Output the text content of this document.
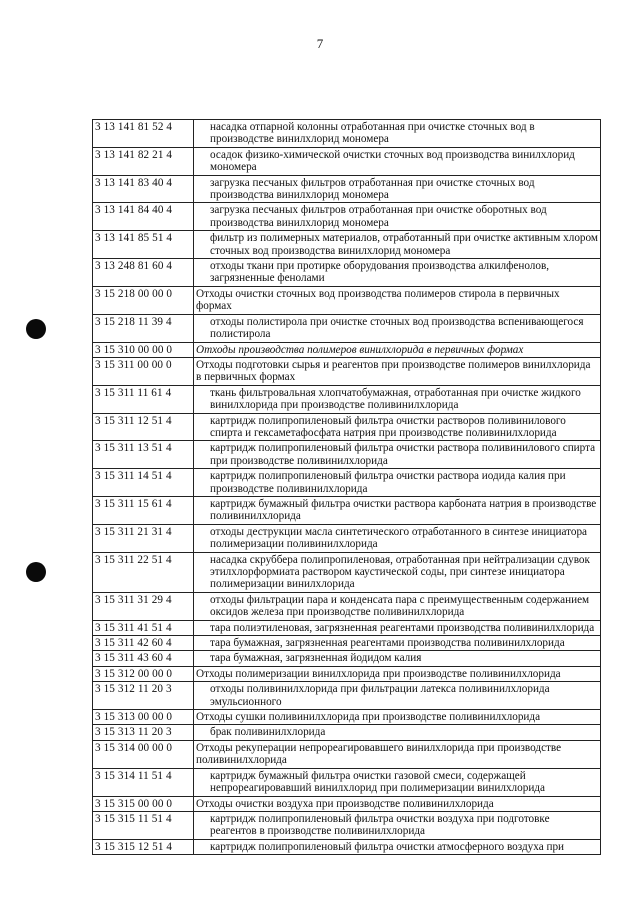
7
3 13 141 81 52 4	насадка отпарной колонны отработанная при очистке сточных вод в производстве винилхлорид мономера
3 13 141 82 21 4	осадок физико-химической очистки сточных вод производства винилхлорид мономера
3 13 141 83 40 4	загрузка песчаных фильтров отработанная при очистке сточных вод производства винилхлорид мономера
3 13 141 84 40 4	загрузка песчаных фильтров отработанная при очистке оборотных вод производства винилхлорид мономера
3 13 141 85 51 4	фильтр из полимерных материалов, отработанный при очистке активным хлором сточных вод производства винилхлорид мономера
3 13 248 81 60 4	отходы ткани при протирке оборудования производства алкилфенолов, загрязненные фенолами
3 15 218 00 00 0	Отходы очистки сточных вод производства полимеров стирола в первичных формах
3 15 218 11 39 4	отходы полистирола при очистке сточных вод производства вспенивающегося полистирола
3 15 310 00 00 0	Отходы производства полимеров винилхлорида в первичных формах
3 15 311 00 00 0	Отходы подготовки сырья и реагентов при производстве полимеров винилхлорида в первичных формах
3 15 311 11 61 4	ткань фильтровальная хлопчатобумажная, отработанная при очистке жидкого винилхлорида при производстве поливинилхлорида
3 15 311 12 51 4	картридж полипропиленовый фильтра очистки растворов поливинилового спирта и гексаметафосфата натрия при производстве поливинилхлорида
3 15 311 13 51 4	картридж полипропиленовый фильтра очистки раствора поливинилового спирта при производстве поливинилхлорида
3 15 311 14 51 4	картридж полипропиленовый фильтра очистки раствора иодида калия при производстве поливинилхлорида
3 15 311 15 61 4	картридж бумажный фильтра очистки раствора карбоната натрия в производстве поливинилхлорида
3 15 311 21 31 4	отходы деструкции масла синтетического отработанного в синтезе инициатора полимеризации поливинилхлорида
3 15 311 22 51 4	насадка скруббера полипропиленовая, отработанная при нейтрализации сдувок этилхлорформиата раствором каустической соды, при синтезе инициатора полимеризации винилхлорида
3 15 311 31 29 4	отходы фильтрации пара и конденсата пара с преимущественным содержанием оксидов железа при производстве поливинилхлорида
3 15 311 41 51 4	тара полиэтиленовая, загрязненная реагентами производства поливинилхлорида
3 15 311 42 60 4	тара бумажная, загрязненная реагентами производства поливинилхлорида
3 15 311 43 60 4	тара бумажная, загрязненная йодидом калия
3 15 312 00 00 0	Отходы полимеризации винилхлорида при производстве поливинилхлорида
3 15 312 11 20 3	отходы поливинилхлорида при фильтрации латекса поливинилхлорида эмульсионного
3 15 313 00 00 0	Отходы сушки поливинилхлорида при производстве поливинилхлорида
3 15 313 11 20 3	брак поливинилхлорида
3 15 314 00 00 0	Отходы рекуперации непрореагировавшего винилхлорида при производстве поливинилхлорида
3 15 314 11 51 4	картридж бумажный фильтра очистки газовой смеси, содержащей непрореагировавший винилхлорид при полимеризации винилхлорида
3 15 315 00 00 0	Отходы очистки воздуха при производстве поливинилхлорида
3 15 315 11 51 4	картридж полипропиленовый фильтра очистки воздуха при подготовке реагентов в производстве поливинилхлорида
3 15 315 12 51 4	картридж полипропиленовый фильтра очистки атмосферного воздуха при
